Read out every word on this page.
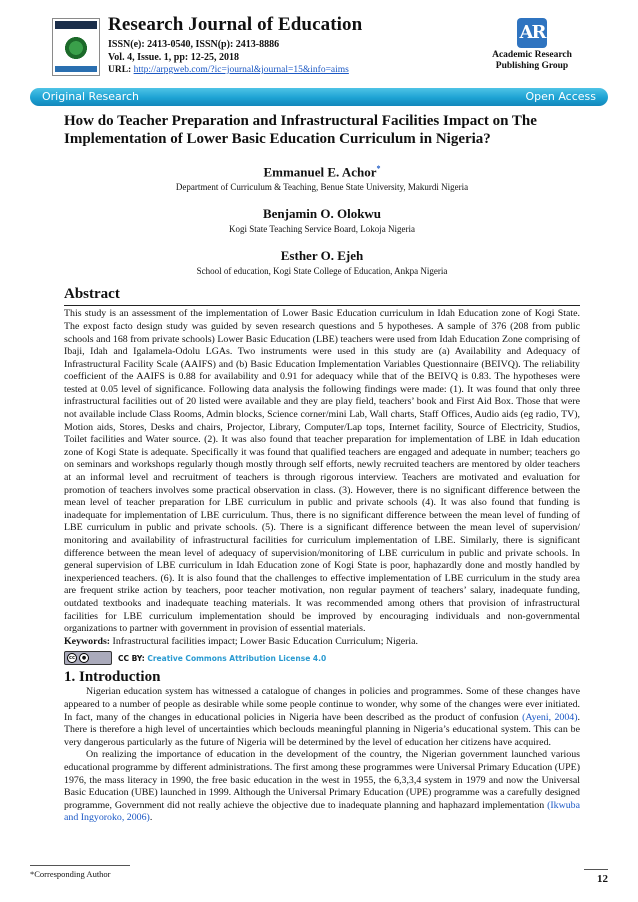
Research Journal of Education
ISSN(e): 2413-0540, ISSN(p): 2413-8886
Vol. 4, Issue. 1, pp: 12-25, 2018
URL: http://arpgweb.com/?ic=journal&journal=15&info=aims
AR
Academic Research Publishing Group
Original Research	Open Access
How do Teacher Preparation and Infrastructural Facilities Impact on The Implementation of Lower Basic Education Curriculum in Nigeria?
Emmanuel E. Achor*
Department of Curriculum & Teaching, Benue State University, Makurdi Nigeria
Benjamin O. Olokwu
Kogi State Teaching Service Board, Lokoja Nigeria
Esther O. Ejeh
School of education, Kogi State College of Education, Ankpa Nigeria
Abstract
This study is an assessment of the implementation of Lower Basic Education curriculum in Idah Education zone of Kogi State. The expost facto design study was guided by seven research questions and 5 hypotheses. A sample of 376 (208 from public schools and 168 from private schools) Lower Basic Education (LBE) teachers were used from Idah Education Zone comprising of Ibaji, Idah and Igalamela-Odolu LGAs. Two instruments were used in this study are (a) Availability and Adequacy of Infrastructural Facility Scale (AAIFS) and (b) Basic Education Implementation Variables Questionnaire (BEIVQ). The reliability coefficient of the AAIFS is 0.88 for availability and 0.91 for adequacy while that of the BEIVQ is 0.83. The hypotheses were tested at 0.05 level of significance. Following data analysis the following findings were made: (1). It was found that only three infrastructural facilities out of 20 listed were available and they are play field, teachers’ book and First Aid Box. Those that were not available include Class Rooms, Admin blocks, Science corner/mini Lab, Wall charts, Staff Offices, Audio aids (eg radio, TV), Motion aids, Stores, Desks and chairs, Projector, Library, Computer/Lap tops, Internet facility, Source of Electricity, Studios, Toilet facilities and Water source. (2). It was also found that teacher preparation for implementation of LBE in Idah education zone of Kogi State is adequate. Specifically it was found that qualified teachers are engaged and adequate in number; teachers go on seminars and workshops regularly though mostly through self efforts, newly recruited teachers are mentored by older teachers at an informal level and recruitment of teachers is through rigorous interview. Teachers are motivated and evaluation for promotion of teachers involves some practical observation in class. (3). However, there is no significant difference between the mean level of teacher preparation for LBE curriculum in public and private schools (4). It was also found that funding is inadequate for implementation of LBE curriculum. Thus, there is no significant difference between the mean level of funding of LBE curriculum in public and private schools. (5). There is a significant difference between the mean level of supervision/ monitoring and availability of infrastructural facilities for curriculum implementation of LBE. Similarly, there is significant difference between the mean level of adequacy of supervision/monitoring of LBE curriculum in public and private schools. In general supervision of LBE curriculum in Idah Education zone of Kogi State is poor, haphazardly done and mostly handled by inexperienced teachers. (6). It is also found that the challenges to effective implementation of LBE curriculum in the study area are frequent strike action by teachers, poor teacher motivation, non regular payment of teachers’ salary, inadequate funding, outdated textbooks and inadequate teaching materials. It was recommended among others that provision of infrastructural facilities for LBE curriculum implementation should be improved by encouraging individuals and non-governmental organizations to partner with government in provision of essential materials.
Keywords: Infrastructural facilities impact; Lower Basic Education Curriculum; Nigeria.
cc	●	CC BY: Creative Commons Attribution License 4.0
1. Introduction

Nigerian education system has witnessed a catalogue of changes in policies and programmes. Some of these changes have appeared to a number of people as desirable while some people continue to wonder, why some of the changes were ever initiated. In fact, many of the changes in educational policies in Nigeria have been described as the product of confusion (Ayeni, 2004). There is therefore a high level of uncertainties which beclouds meaningful planning in Nigeria’s educational system. This can be very dangerous particularly as the future of Nigeria will be determined by the level of education her citizens have acquired.

On realizing the importance of education in the development of the country, the Nigerian government launched various educational programme by different administrations. The first among these programmes were Universal Primary Education (UPE) 1976, the mass literacy in 1990, the free basic education in the west in 1955, the 6,3,3,4 system in 1979 and now the Universal Basic Education (UBE) launched in 1999. Although the Universal Primary Education (UPE) programme was a carefully designed programme, Government did not really achieve the objective due to inadequate planning and haphazard implementation (Ikwuba and Ingyoroko, 2006).

*Corresponding Author	12
